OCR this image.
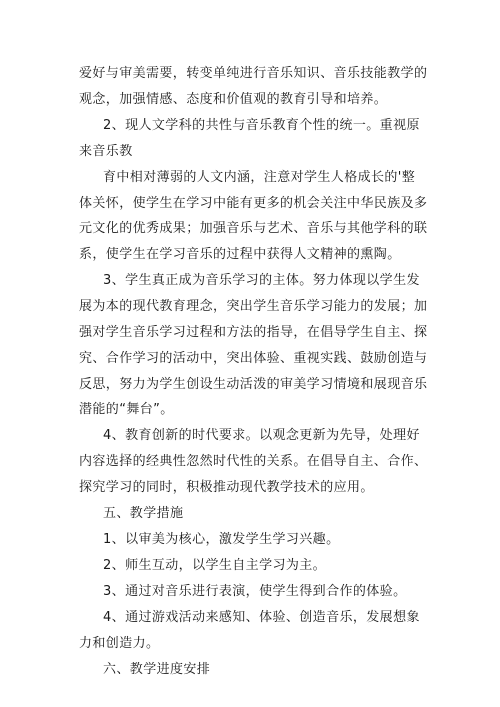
爱好与审美需要，转变单纯进行音乐知识、音乐技能教学的
观念，加强情感、态度和价值观的教育引导和培养。
2、现人文学科的共性与音乐教育个性的统一。重视原
来音乐教
育中相对薄弱的人文内涵，注意对学生人格成长的'整
体关怀，使学生在学习中能有更多的机会关注中华民族及多
元文化的优秀成果；加强音乐与艺术、音乐与其他学科的联
系，使学生在学习音乐的过程中获得人文精神的熏陶。
3、学生真正成为音乐学习的主体。努力体现以学生发
展为本的现代教育理念，突出学生音乐学习能力的发展；加
强对学生音乐学习过程和方法的指导，在倡导学生自主、探
究、合作学习的活动中，突出体验、重视实践、鼓励创造与
反思，努力为学生创设生动活泼的审美学习情境和展现音乐
潜能的“舞台”。
4、教育创新的时代要求。以观念更新为先导，处理好
内容选择的经典性忽然时代性的关系。在倡导自主、合作、
探究学习的同时，积极推动现代教学技术的应用。
五、教学措施
1、以审美为核心，激发学生学习兴趣。
2、师生互动，以学生自主学习为主。
3、通过对音乐进行表演，使学生得到合作的体验。
4、通过游戏活动来感知、体验、创造音乐，发展想象
力和创造力。
六、教学进度安排
